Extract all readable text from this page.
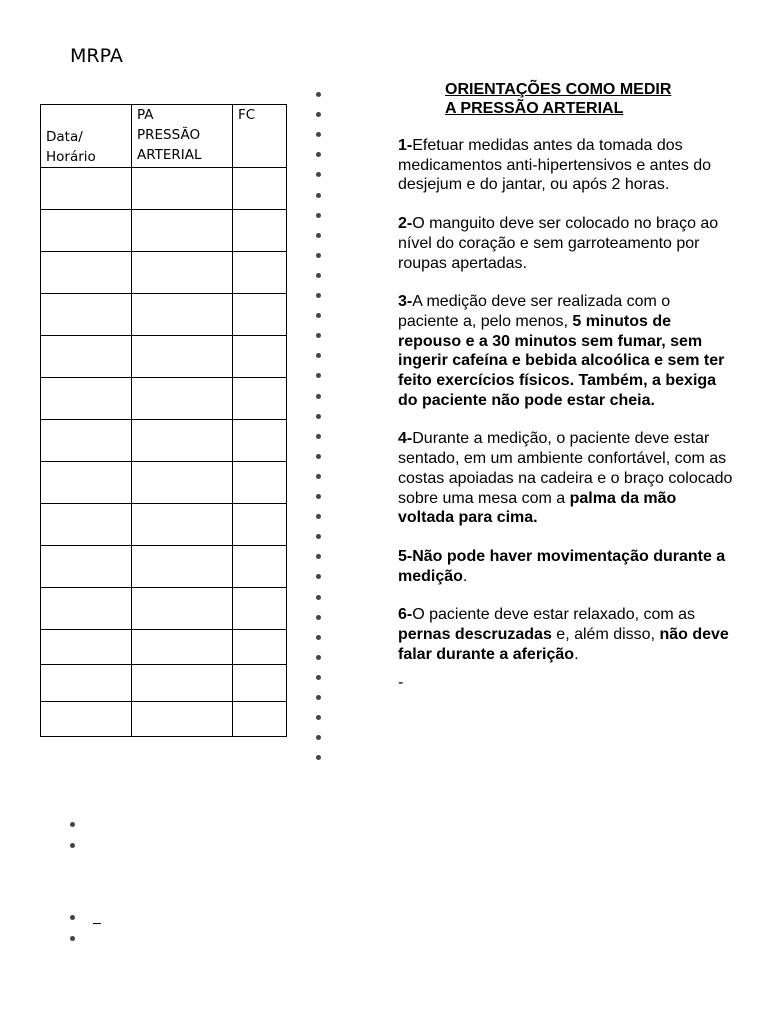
MRPA
Data/
Horário	PA
PRESSÃO
ARTERIAL	FC

ORIENTAÇÕES COMO MEDIR
A PRESSÃO ARTERIAL
1-Efetuar medidas antes da tomada dos medicamentos anti-hipertensivos e antes do desjejum e do jantar, ou após 2 horas.
2-O manguito deve ser colocado no braço ao nível do coração e sem garroteamento por roupas apertadas.
3-A medição deve ser realizada com o paciente a, pelo menos, 5 minutos de repouso e a 30 minutos sem fumar, sem ingerir cafeína e bebida alcoólica e sem ter feito exercícios físicos. Também, a bexiga do paciente não pode estar cheia.
4-Durante a medição, o paciente deve estar sentado, em um ambiente confortável, com as costas apoiadas na cadeira e o braço colocado sobre uma mesa com a palma da mão voltada para cima.
5-Não pode haver movimentação durante a medição.
6-O paciente deve estar relaxado, com as pernas descruzadas e, além disso, não deve falar durante a aferição.
-
